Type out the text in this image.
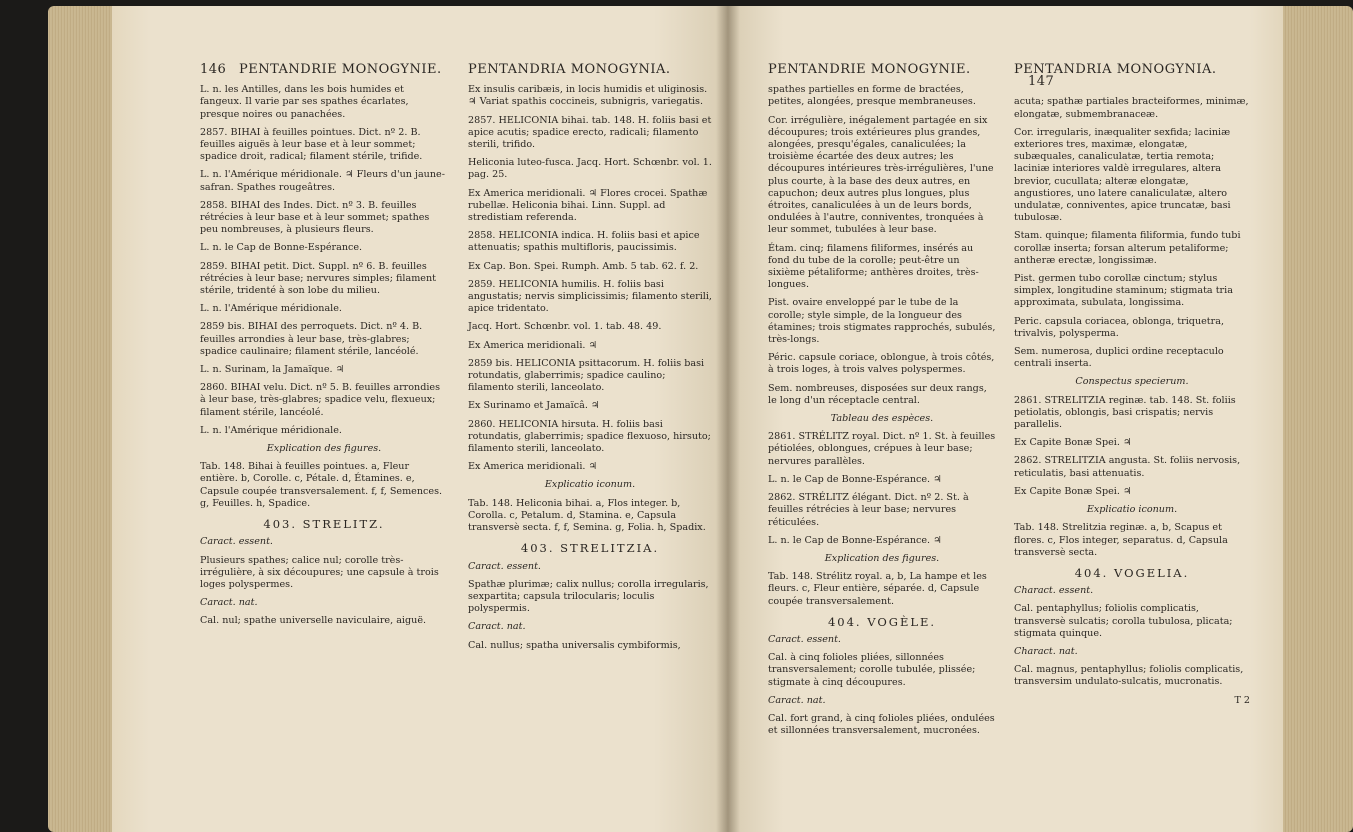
146 PENTANDRIE MONOGYNIE.

L. n. les Antilles, dans les bois humides et fangeux. Il varie par ses spathes écarlates, presque noires ou panachées.

2857. BIHAI à feuilles pointues. Dict. nº 2. B. feuilles aiguës à leur base et à leur sommet; spadice droit, radical; filament stérile, trifide.

L. n. l'Amérique méridionale. ♃ Fleurs d'un jaune-safran. Spathes rougeâtres.

2858. BIHAI des Indes. Dict. nº 3. B. feuilles rétrécies à leur base et à leur sommet; spathes peu nombreuses, à plusieurs fleurs.

L. n. le Cap de Bonne-Espérance.

2859. BIHAI petit. Dict. Suppl. nº 6. B. feuilles rétrécies à leur base; nervures simples; filament stérile, tridenté à son lobe du milieu.

L. n. l'Amérique méridionale.

2859 bis. BIHAI des perroquets. Dict. nº 4. B. feuilles arrondies à leur base, très-glabres; spadice caulinaire; filament stérile, lancéolé.

L. n. Surinam, la Jamaïque. ♃

2860. BIHAI velu. Dict. nº 5. B. feuilles arrondies à leur base, très-glabres; spadice velu, flexueux; filament stérile, lancéolé.

L. n. l'Amérique méridionale.

Explication des figures.

Tab. 148. Bihai à feuilles pointues. a, Fleur entière. b, Corolle. c, Pétale. d, Étamines. e, Capsule coupée transversalement. f, f, Semences. g, Feuilles. h, Spadice.

403. STRELITZ.

Caract. essent.

Plusieurs spathes; calice nul; corolle très-irrégulière, à six découpures; une capsule à trois loges polyspermes.

Caract. nat.

Cal. nul; spathe universelle naviculaire, aiguë.

PENTANDRIA MONOGYNIA.

Ex insulis caribæis, in locis humidis et uliginosis. ♃ Variat spathis coccineis, subnigris, variegatis.

2857. HELICONIA bihai. tab. 148. H. foliis basi et apice acutis; spadice erecto, radicali; filamento sterili, trifido.

Heliconia luteo-fusca. Jacq. Hort. Schœnbr. vol. 1. pag. 25.

Ex America meridionali. ♃ Flores crocei. Spathæ rubellæ. Heliconia bihai. Linn. Suppl. ad stredistiam referenda.

2858. HELICONIA indica. H. foliis basi et apice attenuatis; spathis multifloris, paucissimis.

Ex Cap. Bon. Spei. Rumph. Amb. 5 tab. 62. f. 2.

2859. HELICONIA humilis. H. foliis basi angustatis; nervis simplicissimis; filamento sterili, apice tridentato.

Jacq. Hort. Schœnbr. vol. 1. tab. 48. 49.

Ex America meridionali. ♃

2859 bis. HELICONIA psittacorum. H. foliis basi rotundatis, glaberrimis; spadice caulino; filamento sterili, lanceolato.

Ex Surinamo et Jamaïcâ. ♃

2860. HELICONIA hirsuta. H. foliis basi rotundatis, glaberrimis; spadice flexuoso, hirsuto; filamento sterili, lanceolato.

Ex America meridionali. ♃

Explicatio iconum.

Tab. 148. Heliconia bihai. a, Flos integer. b, Corolla. c, Petalum. d, Stamina. e, Capsula transversè secta. f, f, Semina. g, Folia. h, Spadix.

403. STRELITZIA.

Caract. essent.

Spathæ plurimæ; calix nullus; corolla irregularis, sexpartita; capsula trilocularis; loculis polyspermis.

Caract. nat.

Cal. nullus; spatha universalis cymbiformis,

PENTANDRIE MONOGYNIE.

spathes partielles en forme de bractées, petites, alongées, presque membraneuses.

Cor. irrégulière, inégalement partagée en six découpures; trois extérieures plus grandes, alongées, presqu'égales, canaliculées; la troisième écartée des deux autres; les découpures intérieures très-irrégulières, l'une plus courte, à la base des deux autres, en capuchon; deux autres plus longues, plus étroites, canaliculées à un de leurs bords, ondulées à l'autre, conniventes, tronquées à leur sommet, tubulées à leur base.

Étam. cinq; filamens filiformes, insérés au fond du tube de la corolle; peut-être un sixième pétaliforme; anthères droites, très-longues.

Pist. ovaire enveloppé par le tube de la corolle; style simple, de la longueur des étamines; trois stigmates rapprochés, subulés, très-longs.

Péric. capsule coriace, oblongue, à trois côtés, à trois loges, à trois valves polyspermes.

Sem. nombreuses, disposées sur deux rangs, le long d'un réceptacle central.

Tableau des espèces.

2861. STRÉLITZ royal. Dict. nº 1. St. à feuilles pétiolées, oblongues, crépues à leur base; nervures parallèles.

L. n. le Cap de Bonne-Espérance. ♃

2862. STRÉLITZ élégant. Dict. nº 2. St. à feuilles rétrécies à leur base; nervures réticulées.

L. n. le Cap de Bonne-Espérance. ♃

Explication des figures.

Tab. 148. Strélitz royal. a, b, La hampe et les fleurs. c, Fleur entière, séparée. d, Capsule coupée transversalement.

404. VOGÈLE.

Caract. essent.

Cal. à cinq folioles pliées, sillonnées transversalement; corolle tubulée, plissée; stigmate à cinq découpures.

Caract. nat.

Cal. fort grand, à cinq folioles pliées, ondulées et sillonnées transversalement, mucronées.

PENTANDRIA MONOGYNIA. 147

acuta; spathæ partiales bracteiformes, minimæ, elongatæ, submembranaceæ.

Cor. irregularis, inæqualiter sexfida; laciniæ exteriores tres, maximæ, elongatæ, subæquales, canaliculatæ, tertia remota; laciniæ interiores valdè irregulares, altera brevior, cucullata; alteræ elongatæ, angustiores, uno latere canaliculatæ, altero undulatæ, conniventes, apice truncatæ, basi tubulosæ.

Stam. quinque; filamenta filiformia, fundo tubi corollæ inserta; forsan alterum petaliforme; antheræ erectæ, longissimæ.

Pist. germen tubo corollæ cinctum; stylus simplex, longitudine staminum; stigmata tria approximata, subulata, longissima.

Peric. capsula coriacea, oblonga, triquetra, trivalvis, polysperma.

Sem. numerosa, duplici ordine receptaculo centrali inserta.

Conspectus specierum.

2861. STRELITZIA reginæ. tab. 148. St. foliis petiolatis, oblongis, basi crispatis; nervis parallelis.

Ex Capite Bonæ Spei. ♃

2862. STRELITZIA angusta. St. foliis nervosis, reticulatis, basi attenuatis.

Ex Capite Bonæ Spei. ♃

Explicatio iconum.

Tab. 148. Strelitzia reginæ. a, b, Scapus et flores. c, Flos integer, separatus. d, Capsula transversè secta.

404. VOGELIA.

Charact. essent.

Cal. pentaphyllus; foliolis complicatis, transversè sulcatis; corolla tubulosa, plicata; stigmata quinque.

Charact. nat.

Cal. magnus, pentaphyllus; foliolis complicatis, transversim undulato-sulcatis, mucronatis.

T 2
